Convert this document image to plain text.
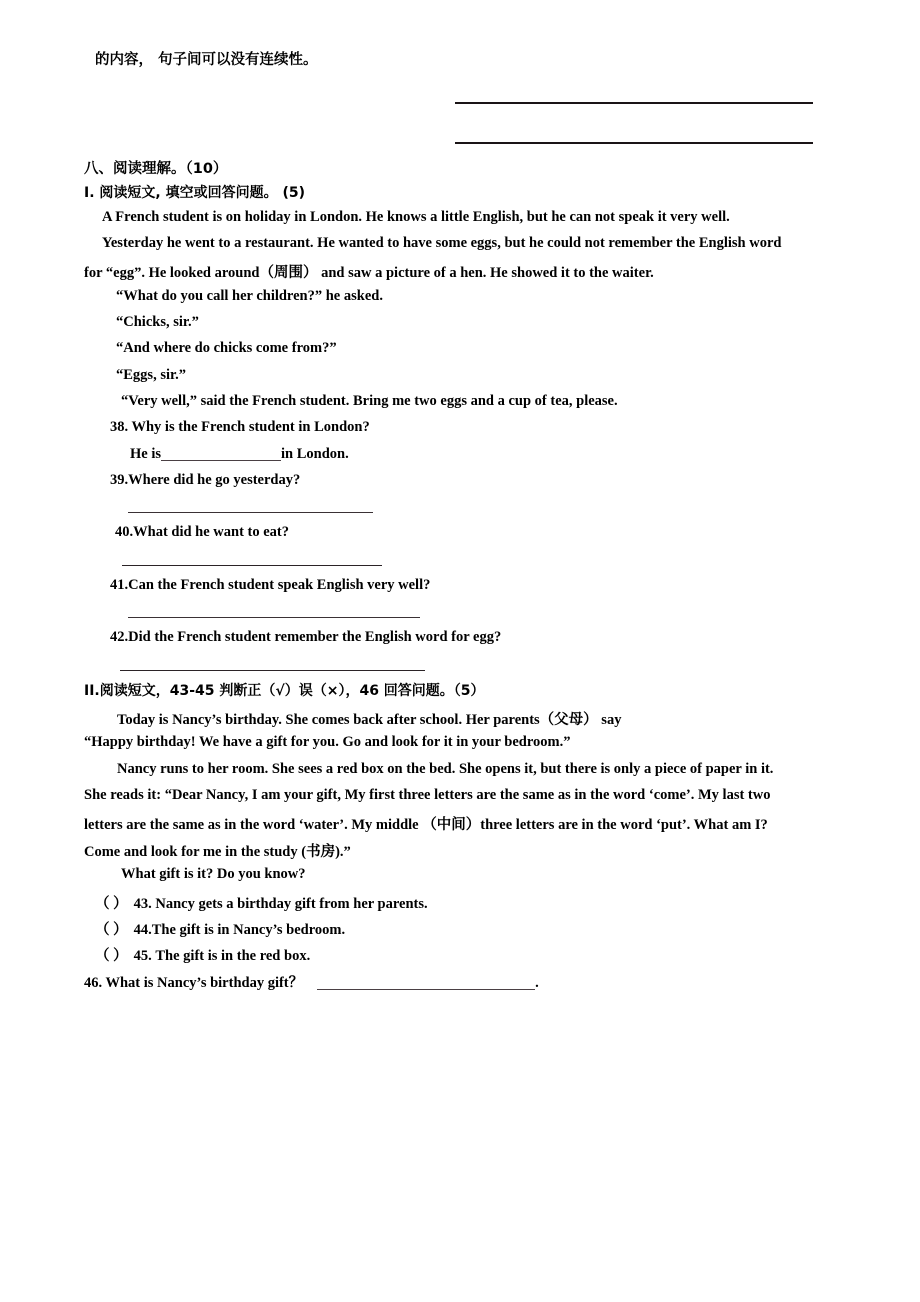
的内容， 句子间可以没有连续性。
八、阅读理解。（10）
I. 阅读短文, 填空或回答问题。 (5)
A French student is on holiday in London. He knows a little English, but he can not speak it very well.
Yesterday he went to a restaurant. He wanted to have some eggs, but he could not remember the English word
for “egg”. He looked around（周围） and saw a picture of a hen. He showed it to the waiter.
“What do you call her children?” he asked.
“Chicks, sir.”
“And where do chicks come from?”
“Eggs, sir.”
“Very well,” said the French student. Bring me two eggs and a cup of tea, please.
38. Why is the French student in London?
He is	in London.
39.Where did he go yesterday?
40.What did he want to eat?
41.Can the French student speak English very well?
42.Did the French student remember the English word for egg?
II.阅读短文，43-45 判断正（√）误（×），46 回答问题。（5）
Today is Nancy’s birthday. She comes back after school. Her parents（父母） say
“Happy birthday! We have a gift for you. Go and look for it in your bedroom.”
Nancy runs to her room. She sees a red box on the bed. She opens it, but there is only a piece of paper in it.
She reads it: “Dear Nancy, I am your gift, My first three letters are the same as in the word ‘come’. My last two
letters are the same as in the word ‘water’. My middle （中间）three letters are in the word ‘put’. What am I?
Come and look for me in the study (书房).”
What gift is it? Do you know?
（ ） 43. Nancy gets a birthday gift from her parents.
（ ） 44.The gift is in Nancy’s bedroom.
（ ） 45. The gift is in the red box.
46. What is Nancy’s birthday gift？	.
